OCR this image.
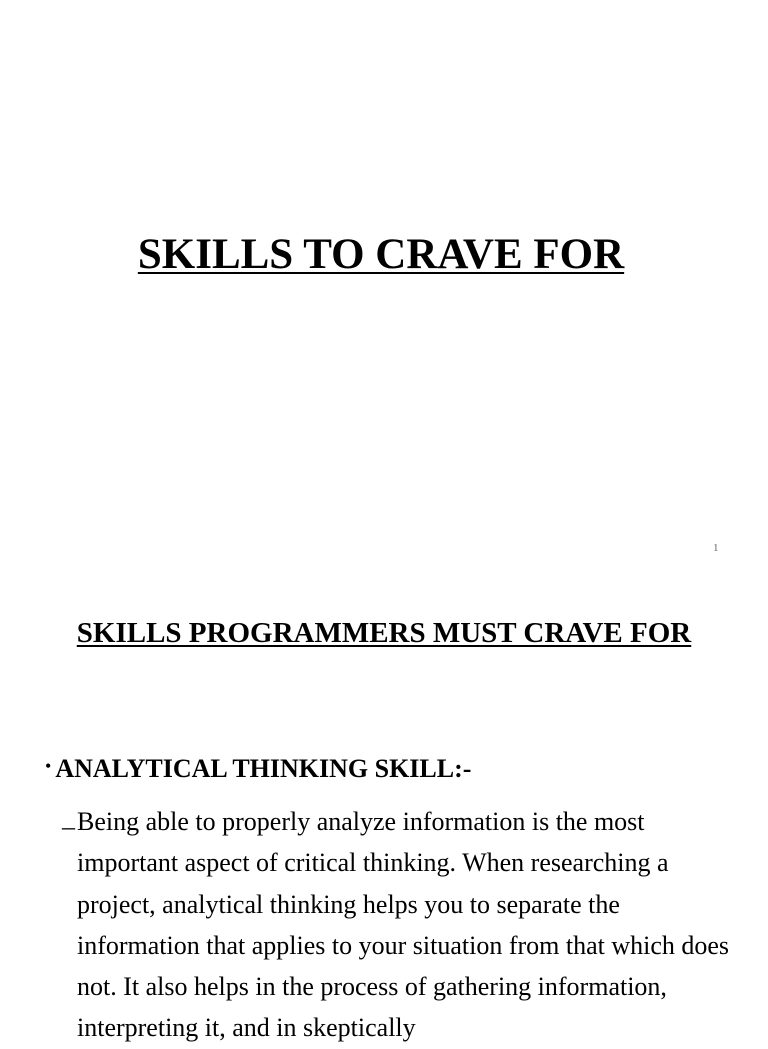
SKILLS TO CRAVE FOR
1
SKILLS PROGRAMMERS MUST CRAVE FOR
• ANALYTICAL THINKING SKILL:-
– Being able to properly analyze information is the most important aspect of critical thinking. When researching a project, analytical thinking helps you to separate the information that applies to your situation from that which does not. It also helps in the process of gathering information, interpreting it, and in skeptically
